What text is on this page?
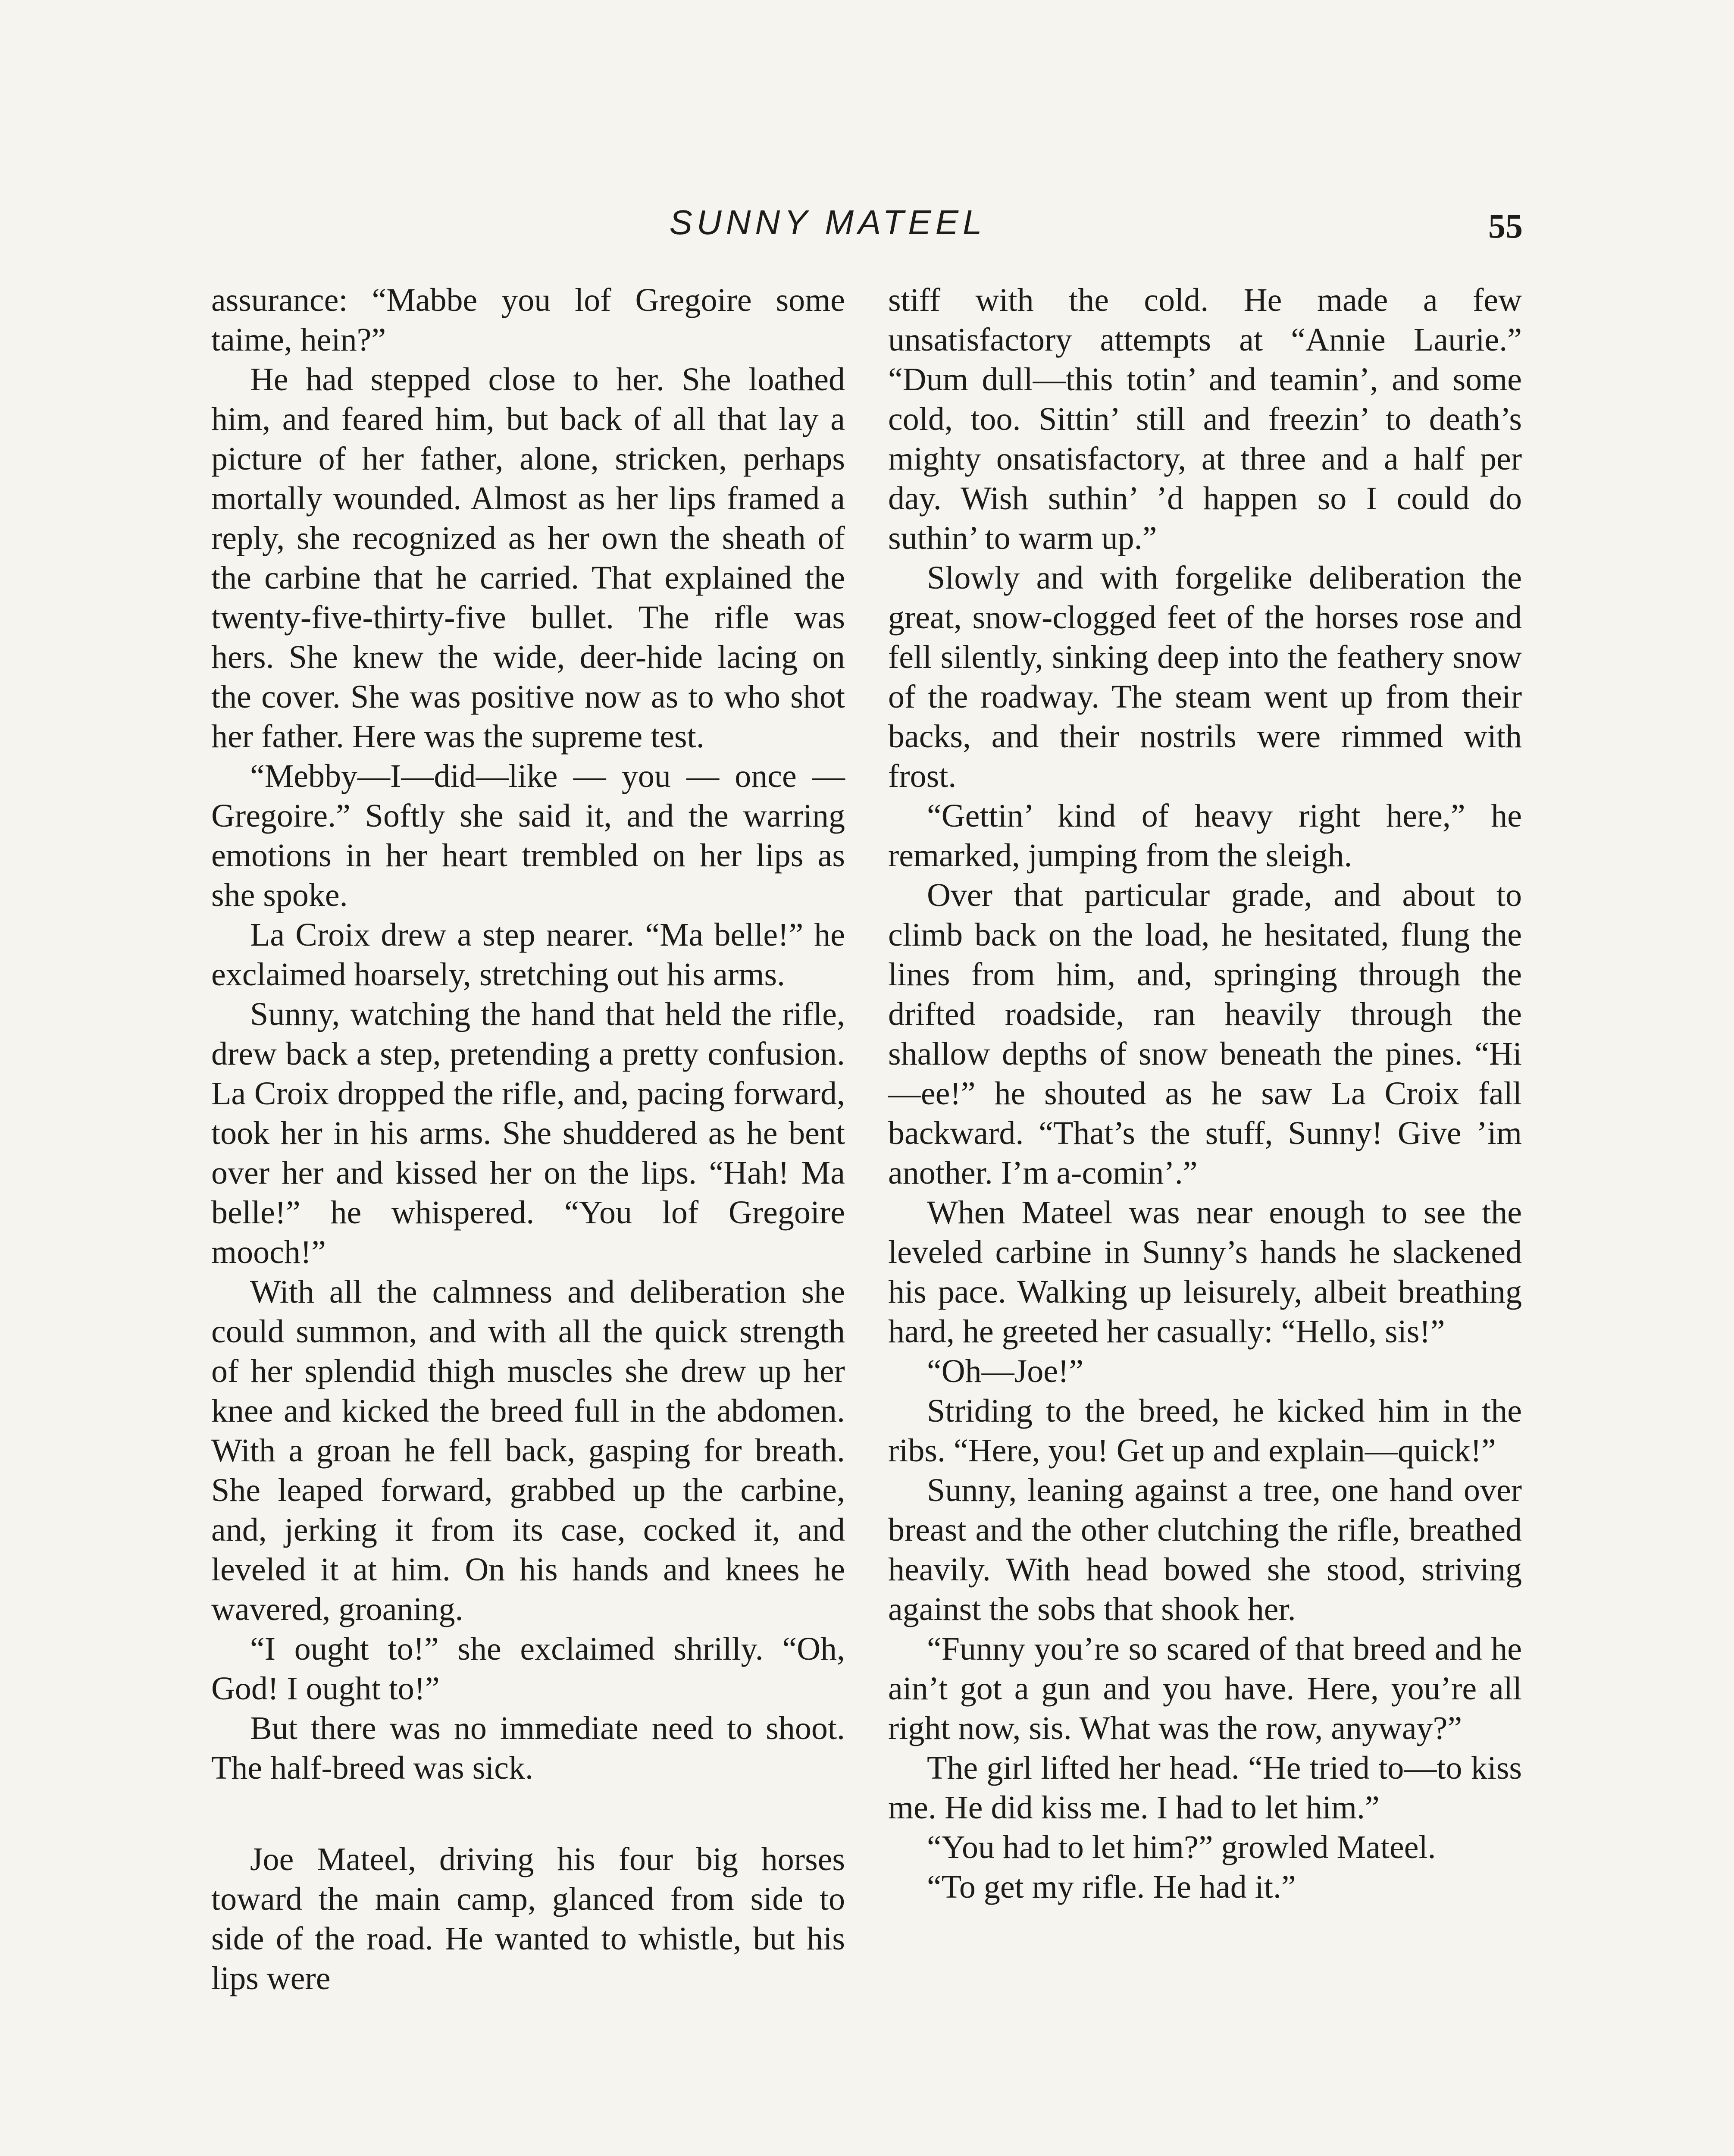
SUNNY MATEEL	55

assurance: “Mabbe you lof Gregoire some taime, hein?”

He had stepped close to her. She loathed him, and feared him, but back of all that lay a picture of her father, alone, stricken, perhaps mortally wounded. Almost as her lips framed a reply, she recognized as her own the sheath of the carbine that he carried. That explained the twenty-five-thirty-five bullet. The rifle was hers. She knew the wide, deer-hide lacing on the cover. She was positive now as to who shot her father. Here was the supreme test.

“Mebby—I—did—like — you — once —Gregoire.” Softly she said it, and the warring emotions in her heart trembled on her lips as she spoke.

La Croix drew a step nearer. “Ma belle!” he exclaimed hoarsely, stretching out his arms.

Sunny, watching the hand that held the rifle, drew back a step, pretending a pretty confusion. La Croix dropped the rifle, and, pacing forward, took her in his arms. She shuddered as he bent over her and kissed her on the lips. “Hah! Ma belle!” he whispered. “You lof Gregoire mooch!”

With all the calmness and deliberation she could summon, and with all the quick strength of her splendid thigh muscles she drew up her knee and kicked the breed full in the abdomen. With a groan he fell back, gasping for breath. She leaped forward, grabbed up the carbine, and, jerking it from its case, cocked it, and leveled it at him. On his hands and knees he wavered, groaning.

“I ought to!” she exclaimed shrilly. “Oh, God! I ought to!”

But there was no immediate need to shoot. The half-breed was sick.

Joe Mateel, driving his four big horses toward the main camp, glanced from side to side of the road. He wanted to whistle, but his lips were

stiff with the cold. He made a few unsatisfactory attempts at “Annie Laurie.” “Dum dull—this totin’ and teamin’, and some cold, too. Sittin’ still and freezin’ to death’s mighty onsatisfactory, at three and a half per day. Wish suthin’ ’d happen so I could do suthin’ to warm up.”

Slowly and with forgelike deliberation the great, snow-clogged feet of the horses rose and fell silently, sinking deep into the feathery snow of the roadway. The steam went up from their backs, and their nostrils were rimmed with frost.

“Gettin’ kind of heavy right here,” he remarked, jumping from the sleigh.

Over that particular grade, and about to climb back on the load, he hesitated, flung the lines from him, and, springing through the drifted roadside, ran heavily through the shallow depths of snow beneath the pines. “Hi—ee!” he shouted as he saw La Croix fall backward. “That’s the stuff, Sunny! Give ’im another. I’m a-comin’.”

When Mateel was near enough to see the leveled carbine in Sunny’s hands he slackened his pace. Walking up leisurely, albeit breathing hard, he greeted her casually: “Hello, sis!”

“Oh—Joe!”

Striding to the breed, he kicked him in the ribs. “Here, you! Get up and explain—quick!”

Sunny, leaning against a tree, one hand over breast and the other clutching the rifle, breathed heavily. With head bowed she stood, striving against the sobs that shook her.

“Funny you’re so scared of that breed and he ain’t got a gun and you have. Here, you’re all right now, sis. What was the row, anyway?”

The girl lifted her head. “He tried to—to kiss me. He did kiss me. I had to let him.”

“You had to let him?” growled Mateel.

“To get my rifle. He had it.”
